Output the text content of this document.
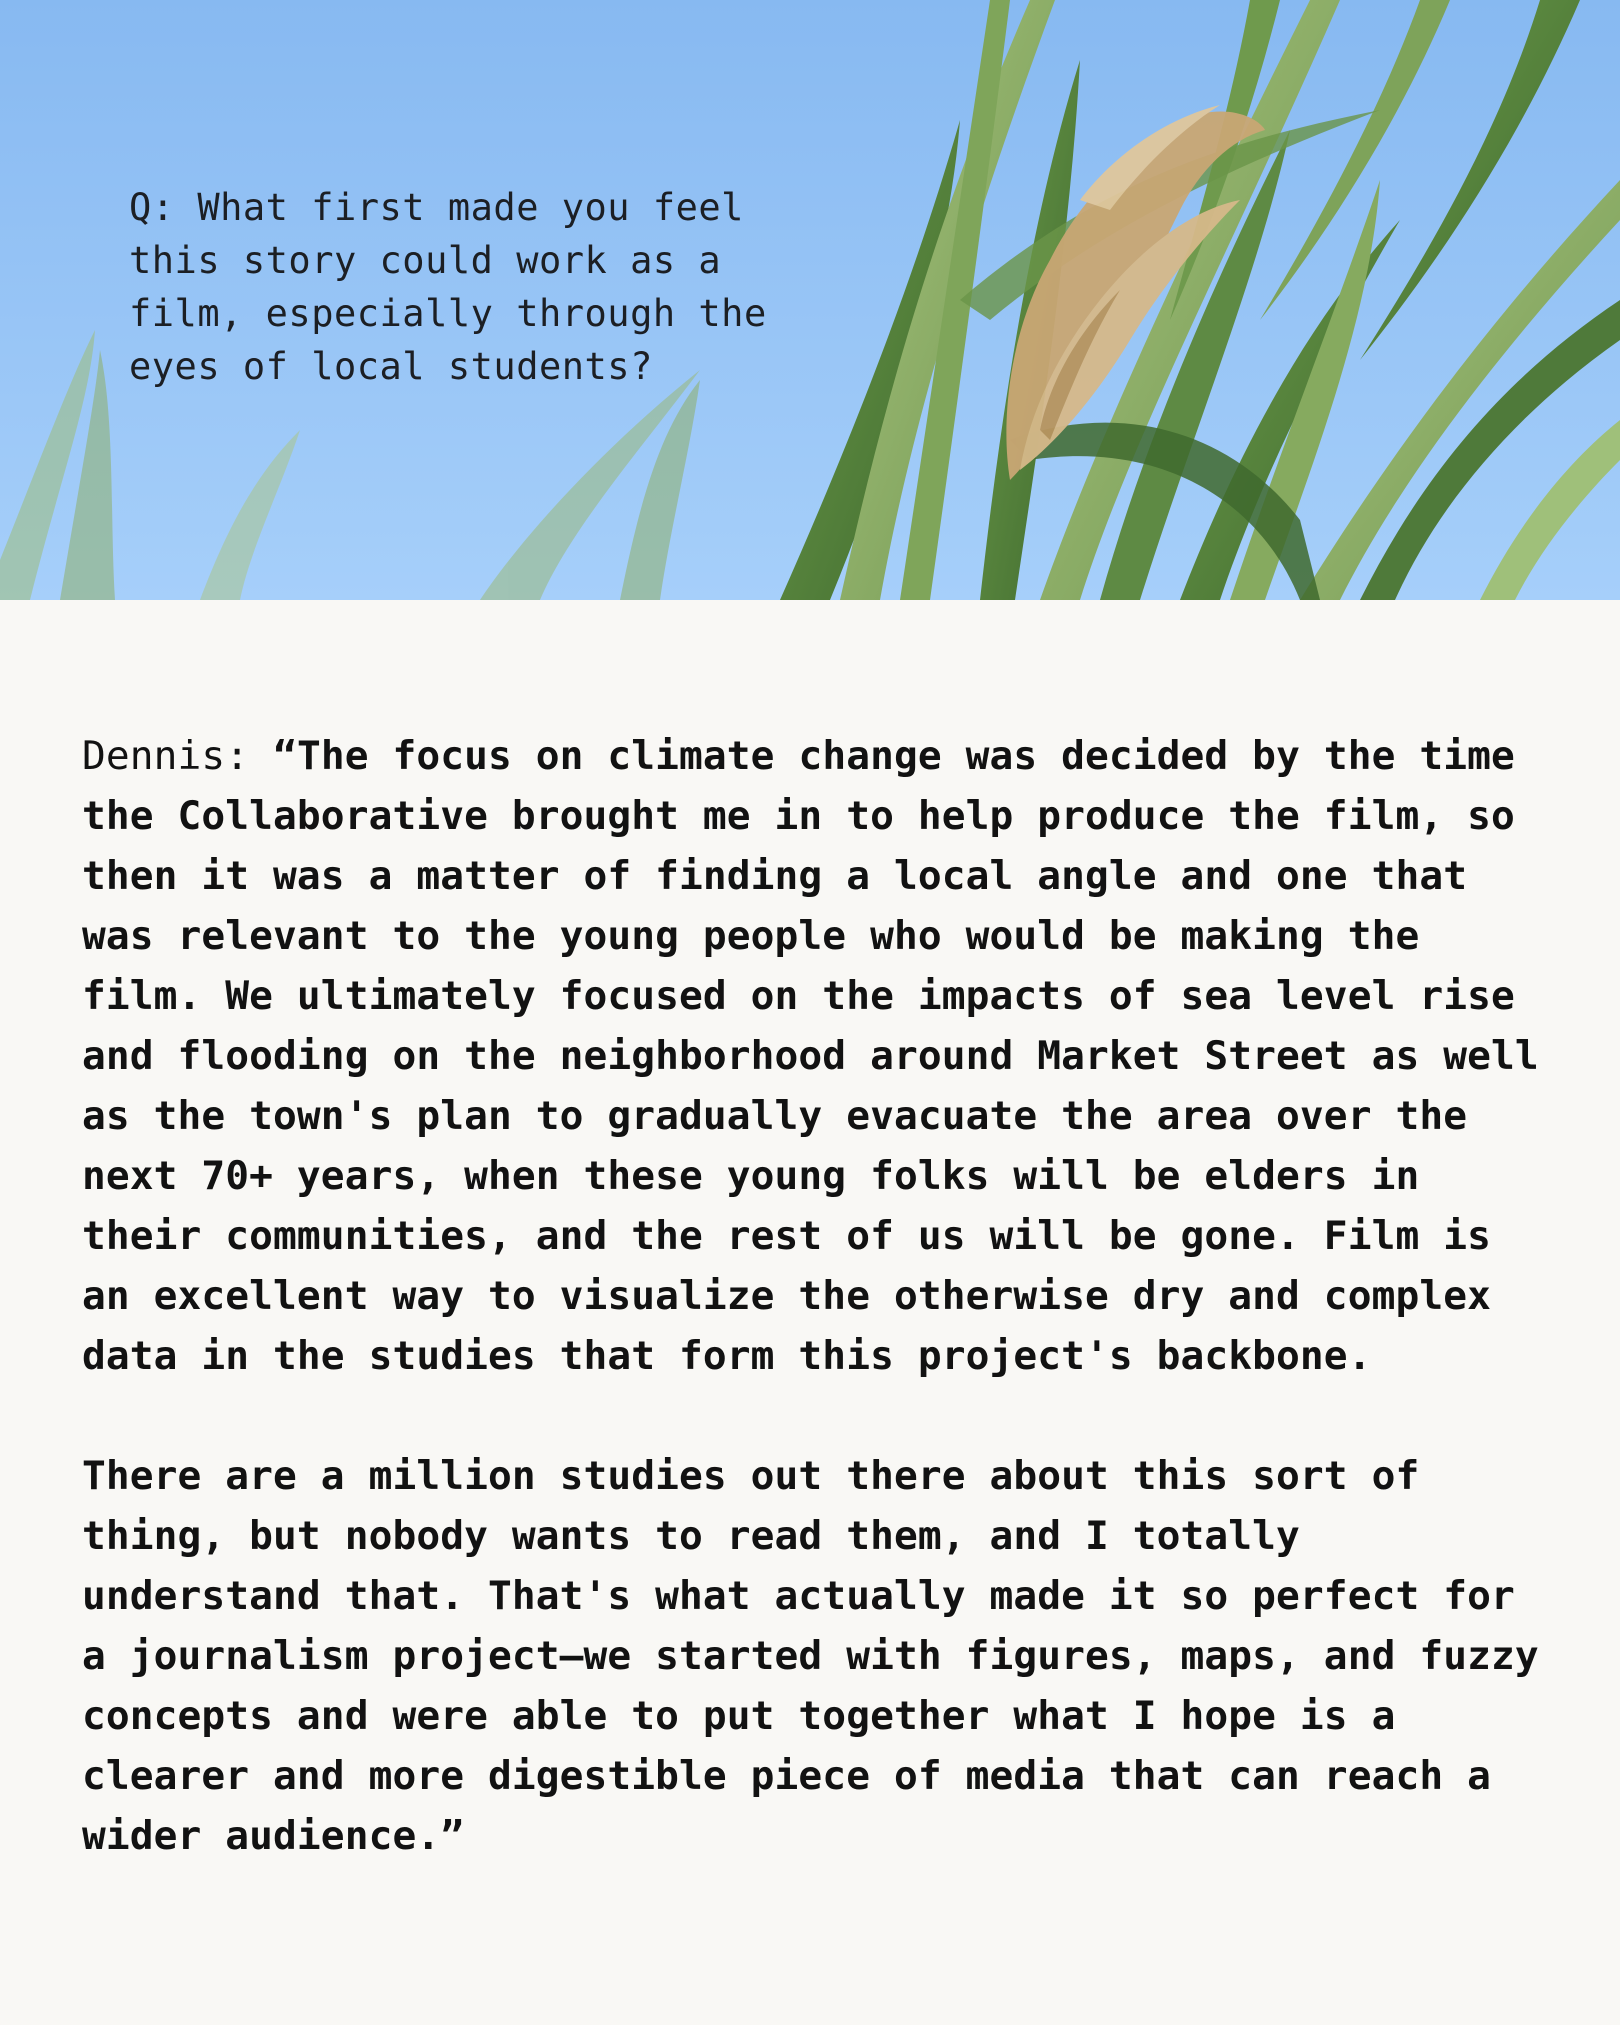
Q: What first made you feel
this story could work as a
film, especially through the
eyes of local students?

Dennis: “The focus on climate change was decided by the time the Collaborative brought me in to help produce the film, so then it was a matter of finding a local angle and one that was relevant to the young people who would be making the film. We ultimately focused on the impacts of sea level rise and flooding on the neighborhood around Market Street as well as the town's plan to gradually evacuate the area over the next 70+ years, when these young folks will be elders in their communities, and the rest of us will be gone. Film is an excellent way to visualize the otherwise dry and complex data in the studies that form this project's backbone.

There are a million studies out there about this sort of thing, but nobody wants to read them, and I totally understand that. That's what actually made it so perfect for a journalism project—we started with figures, maps, and fuzzy concepts and were able to put together what I hope is a clearer and more digestible piece of media that can reach a wider audience.”
